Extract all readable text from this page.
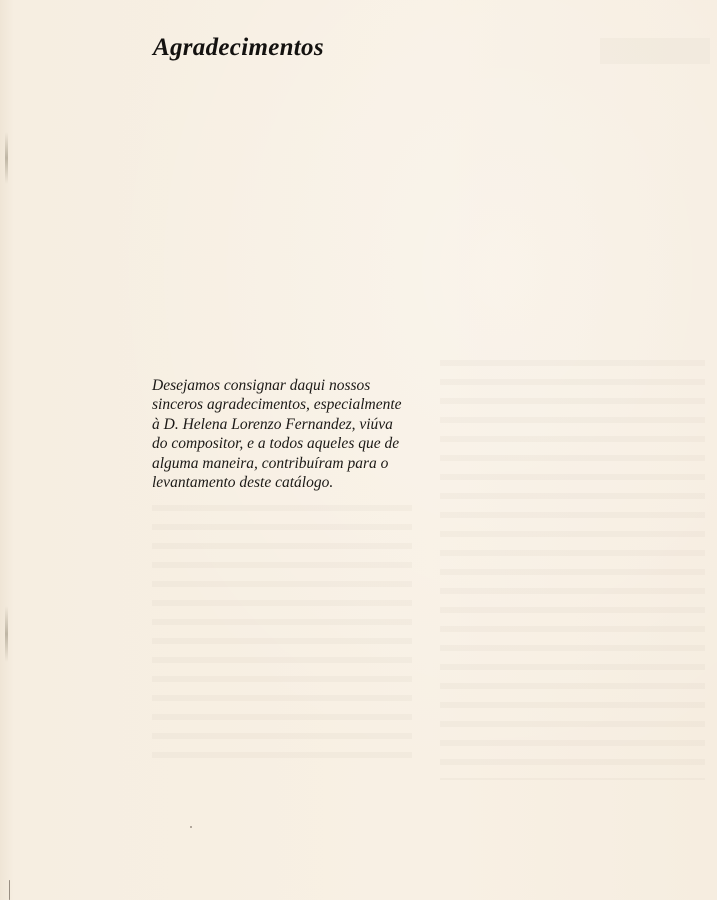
Agradecimentos

Desejamos consignar daqui nossos
sinceros agradecimentos, especialmente
à D. Helena Lorenzo Fernandez, viúva
do compositor, e a todos aqueles que de
alguma maneira, contribuíram para o
levantamento deste catálogo.
